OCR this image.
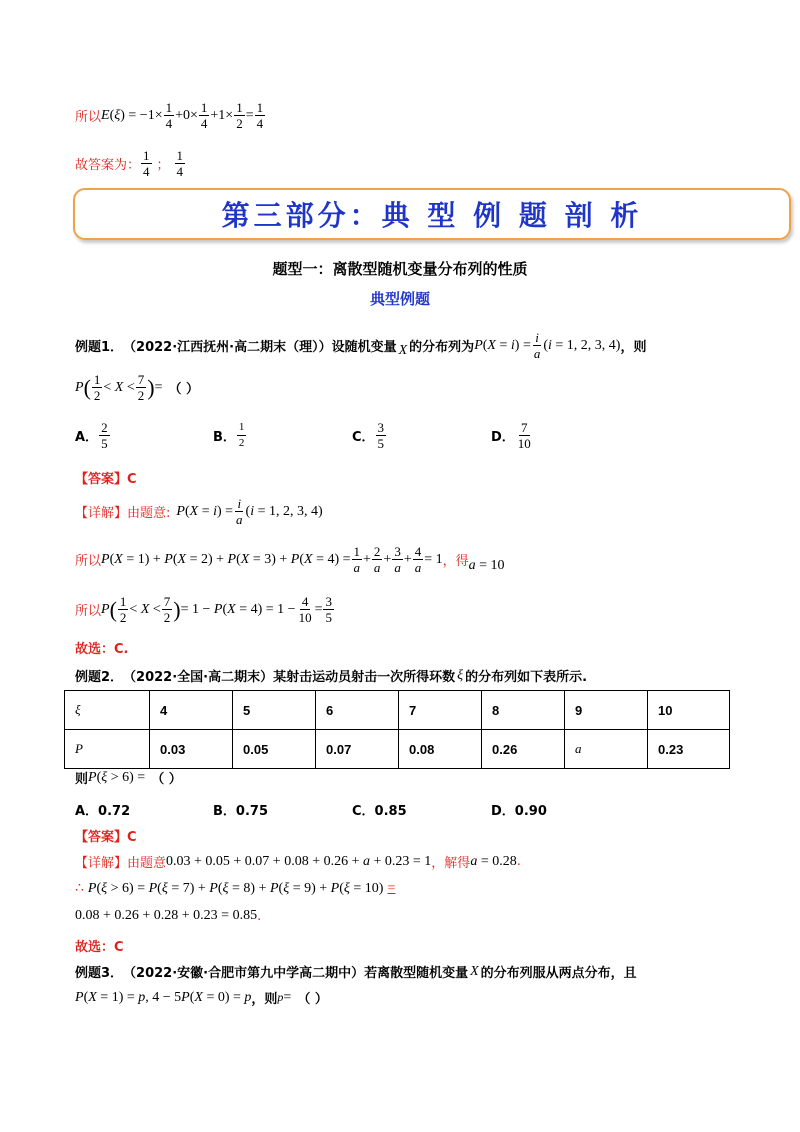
所以 $E(\xi) = -1\times \frac{1}{4} +0\times \frac{1}{4} +1\times \frac{1}{2} = \frac{1}{4}$
故答案为： $\frac{1}{4}$ ； $\frac{1}{4}$
第三部分：典 型 例 题 剖 析
题型一：离散型随机变量分布列的性质
典型例题
例题1． （2022·江西抚州·高二期末（理））设随机变量 X 的分布列为 $P(X = i) = \frac{i}{a} (i = 1$, 2, 3, 4) ，则
P ( $\frac{1}{2} < X < \frac{7}{2}$ ) = （ ）
A． $\frac{2}{5}$	B． $\frac{1}{2}$	C． $\frac{3}{5}$	D． $\frac{7}{10}$
【答案】C
【详解】由题意: $P(X = i) = \frac{i}{a} (i = 1$, 2, 3, 4)
所以 $P(X = 1) + P(X = 2) + P(X = 3) + P(X = 4) = \frac{1}{a} + \frac{2}{a} + \frac{3}{a} + \frac{4}{a} = 1$ ，得 a = 10
所以 P ( $\frac{1}{2} < X < \frac{7}{2}$ ) = $1 - P(X = 4) = 1 - \frac{4}{10} = \frac{3}{5}$
故选：C.
例题2． （2022·全国·高二期末）某射击运动员射击一次所得环数 ξ 的分布列如下表所示.
ξ	4	5	6	7	8	9	10
P	0.03	0.05	0.07	0.08	0.26	a	0.23
则 P(ξ > 6) = （ ）
A．0.72	B．0.75	C．0.85	D．0.90
【答案】C
【详解】由题意 0.03 + 0.05 + 0.07 + 0.08 + 0.26 + a + 0.23 = 1 ，解得 a = 0.28 .
∴ P(ξ > 6) = P(ξ = 7) + P(ξ = 8) + P(ξ = 9) + P(ξ = 10) =
0.08 + 0.26 + 0.28 + 0.23 = 0.85 .
故选：C
例题3． （2022·安徽·合肥市第九中学高二期中）若离散型随机变量 X 的分布列服从两点分布，且
P(X = 1) = p, 4 − 5P(X = 0) = p ，则 p = （ ）
